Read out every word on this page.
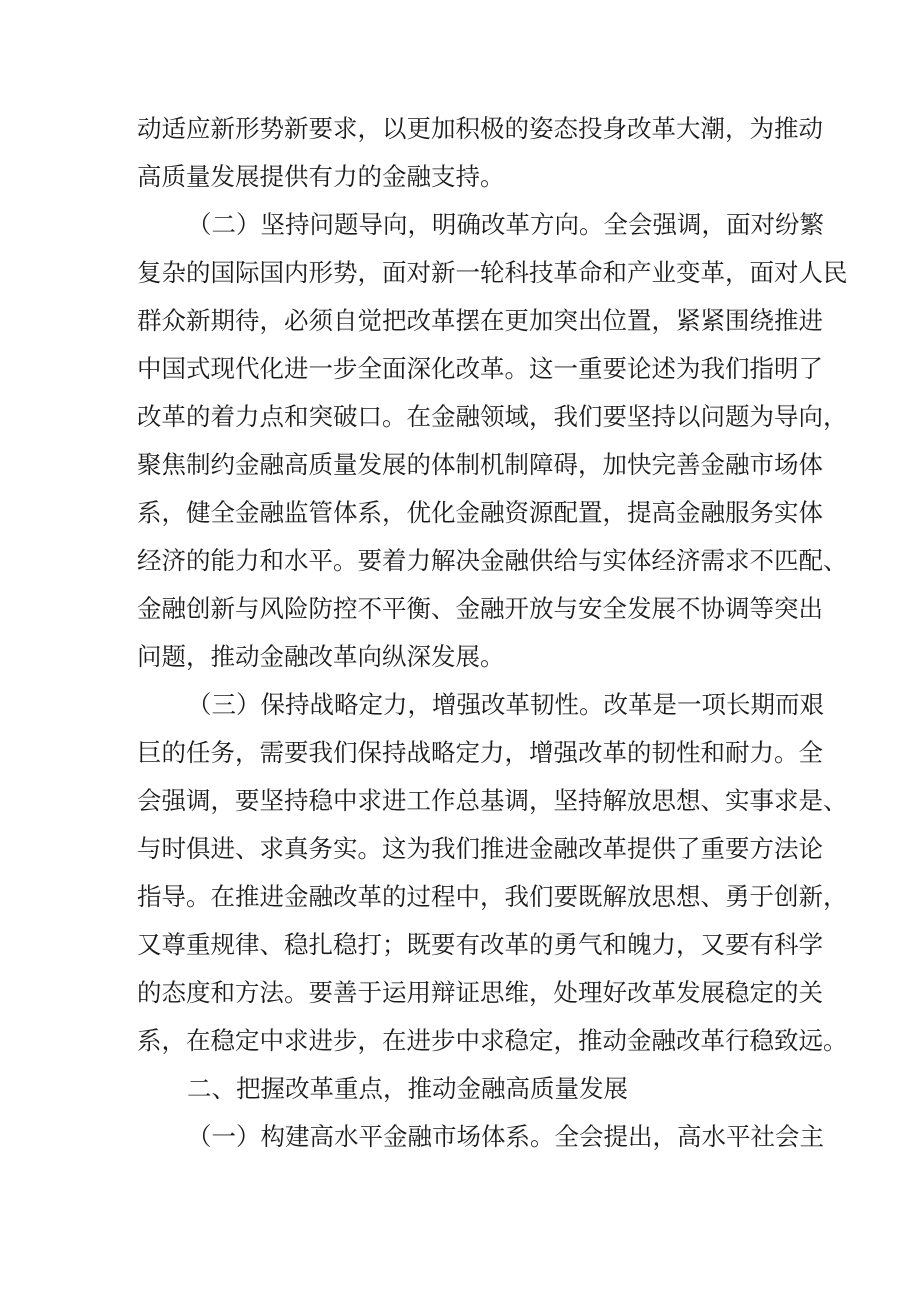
动适应新形势新要求，以更加积极的姿态投身改革大潮，为推动
高质量发展提供有力的金融支持。
（二）坚持问题导向，明确改革方向。全会强调，面对纷繁
复杂的国际国内形势，面对新一轮科技革命和产业变革，面对人民
群众新期待，必须自觉把改革摆在更加突出位置，紧紧围绕推进
中国式现代化进一步全面深化改革。这一重要论述为我们指明了
改革的着力点和突破口。在金融领域，我们要坚持以问题为导向，
聚焦制约金融高质量发展的体制机制障碍，加快完善金融市场体
系，健全金融监管体系，优化金融资源配置，提高金融服务实体
经济的能力和水平。要着力解决金融供给与实体经济需求不匹配、
金融创新与风险防控不平衡、金融开放与安全发展不协调等突出
问题，推动金融改革向纵深发展。
（三）保持战略定力，增强改革韧性。改革是一项长期而艰
巨的任务，需要我们保持战略定力，增强改革的韧性和耐力。全
会强调，要坚持稳中求进工作总基调，坚持解放思想、实事求是、
与时俱进、求真务实。这为我们推进金融改革提供了重要方法论
指导。在推进金融改革的过程中，我们要既解放思想、勇于创新，
又尊重规律、稳扎稳打；既要有改革的勇气和魄力，又要有科学
的态度和方法。要善于运用辩证思维，处理好改革发展稳定的关
系，在稳定中求进步，在进步中求稳定，推动金融改革行稳致远。
二、把握改革重点，推动金融高质量发展
（一）构建高水平金融市场体系。全会提出，高水平社会主
